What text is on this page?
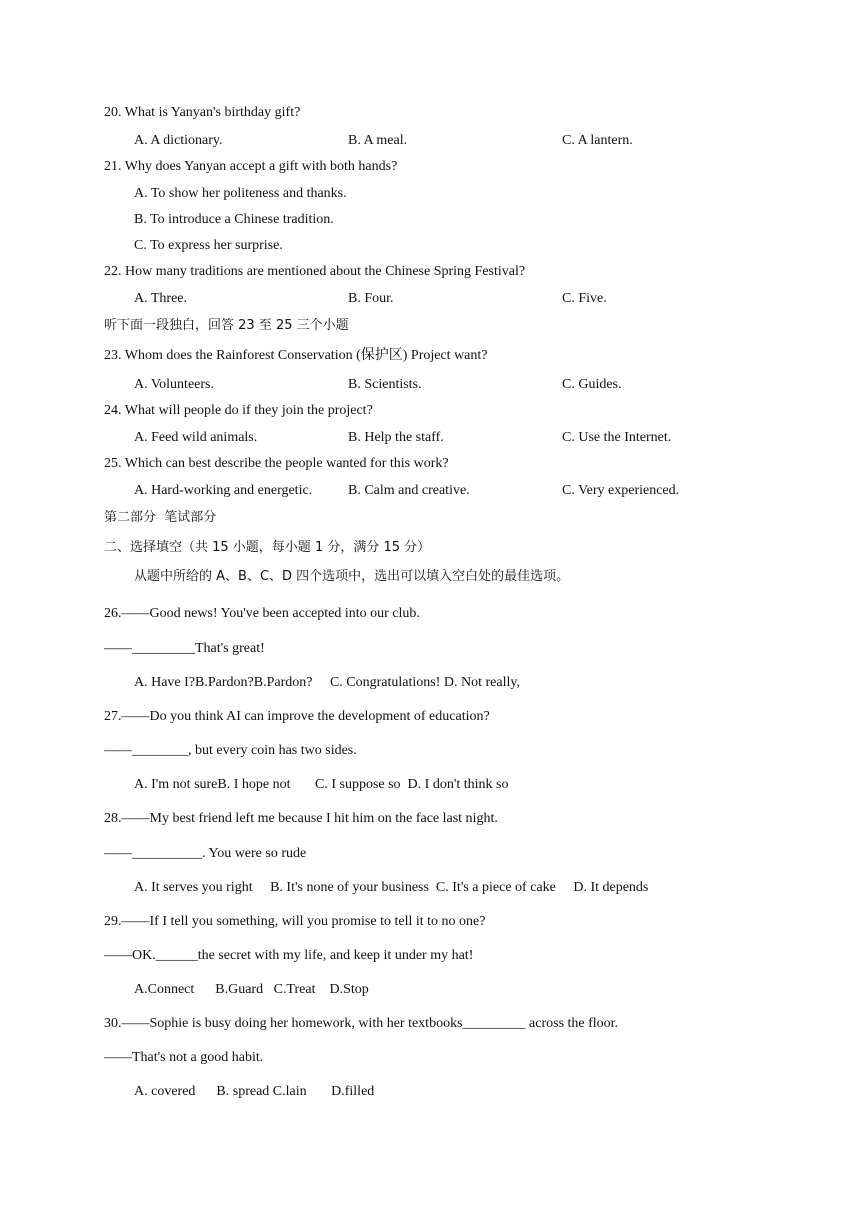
20. What is Yanyan's birthday gift?
A. A dictionary.	B. A meal.	C. A lantern.
21. Why does Yanyan accept a gift with both hands?
A. To show her politeness and thanks.
B. To introduce a Chinese tradition.
C. To express her surprise.
22. How many traditions are mentioned about the Chinese Spring Festival?
A. Three.	B. Four.	C. Five.
听下面一段独白，回答 23 至 25 三个小题
23. Whom does the Rainforest Conservation (保护区) Project want?
A. Volunteers.	B. Scientists.	C. Guides.
24. What will people do if they join the project?
A. Feed wild animals.	B. Help the staff.	C. Use the Internet.
25. Which can best describe the people wanted for this work?
A. Hard-working and energetic.	B. Calm and creative.	C. Very experienced.
第二部分  笔试部分
二、选择填空（共 15 小题，每小题 1 分，满分 15 分）
从题中所给的 A、B、C、D 四个选项中，选出可以填入空白处的最佳选项。
26.——Good news! You've been accepted into our club.
——_________That's great!
A. Have I?B.Pardon?B.Pardon?     C. Congratulations! D. Not really,
27.——Do you think AI can improve the development of education?
——________, but every coin has two sides.
A. I'm not sureB. I hope not       C. I suppose so  D. I don't think so
28.——My best friend left me because I hit him on the face last night.
——__________. You were so rude
A. It serves you right     B. It's none of your business  C. It's a piece of cake     D. It depends
29.——If I tell you something, will you promise to tell it to no one?
——OK.______the secret with my life, and keep it under my hat!
A.Connect      B.Guard   C.Treat    D.Stop
30.——Sophie is busy doing her homework, with her textbooks_________ across the floor.
——That's not a good habit.
A. covered      B. spread C.lain       D.filled
